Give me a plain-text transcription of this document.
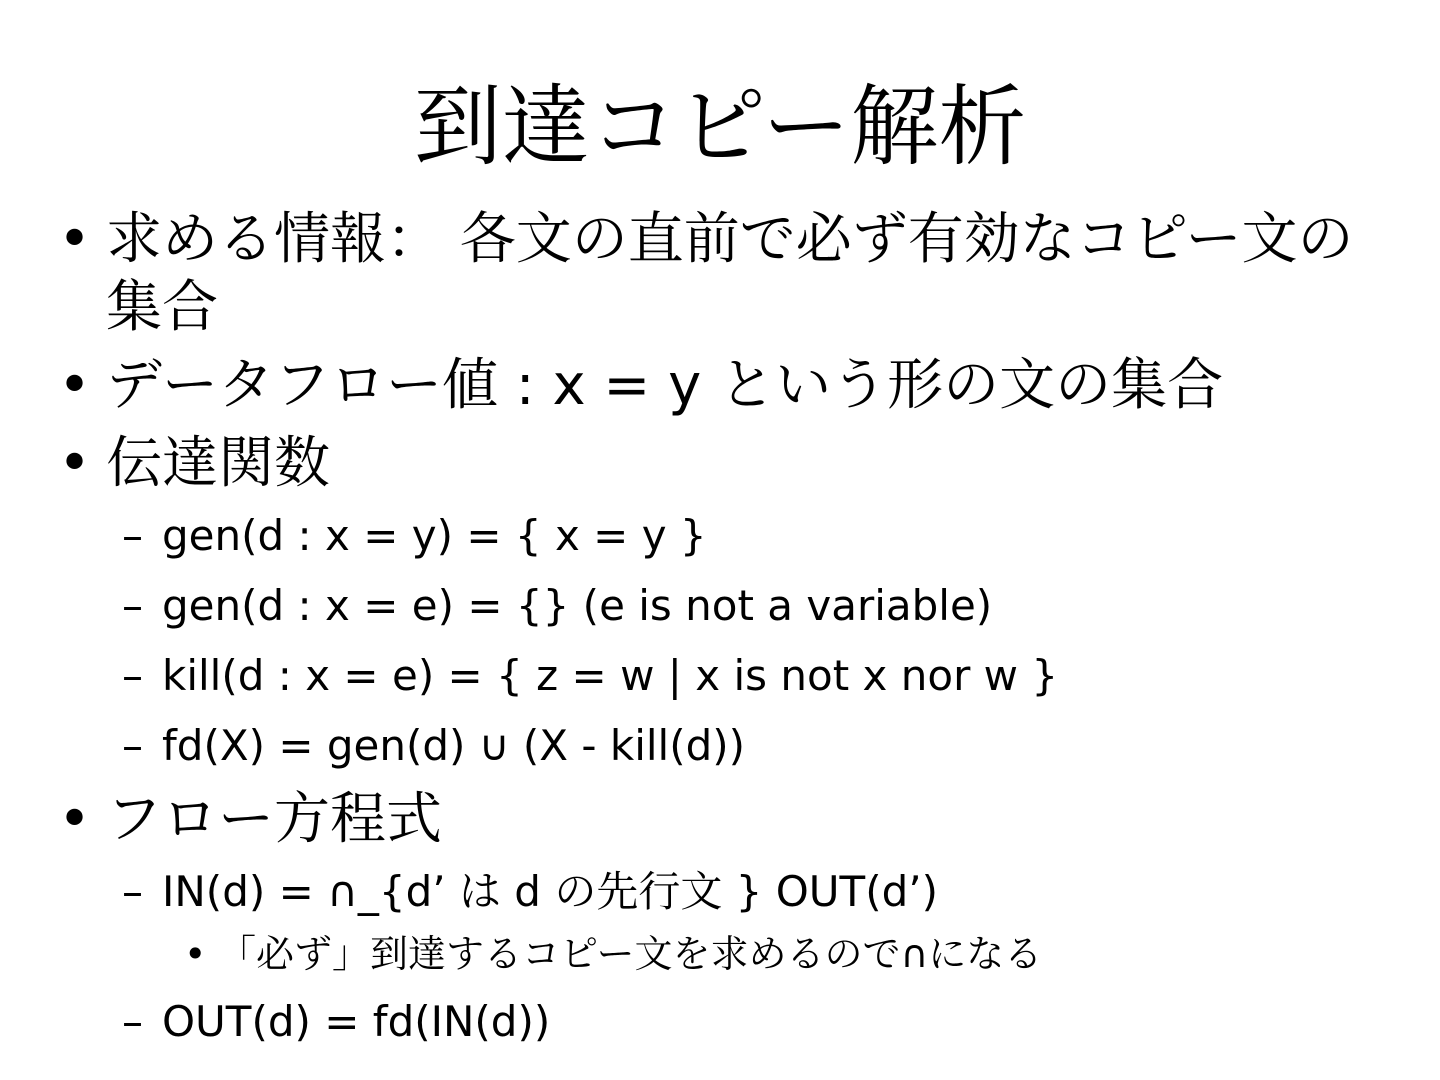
到達コピー解析
• 求める情報： 各文の直前で必ず有効なコピー文の
集合
• データフロー値 : x = y という形の文の集合
• 伝達関数
– gen(d : x = y) = { x = y }
– gen(d : x = e) = {} (e is not a variable)
– kill(d : x = e) = { z = w | x is not x nor w }
– fd(X) = gen(d) ∪ (X - kill(d))
• フロー方程式
– IN(d) = ∩_{d’ は d の先行文 } OUT(d’)
• 「必ず」到達するコピー文を求めるので∩になる
– OUT(d) = fd(IN(d))
